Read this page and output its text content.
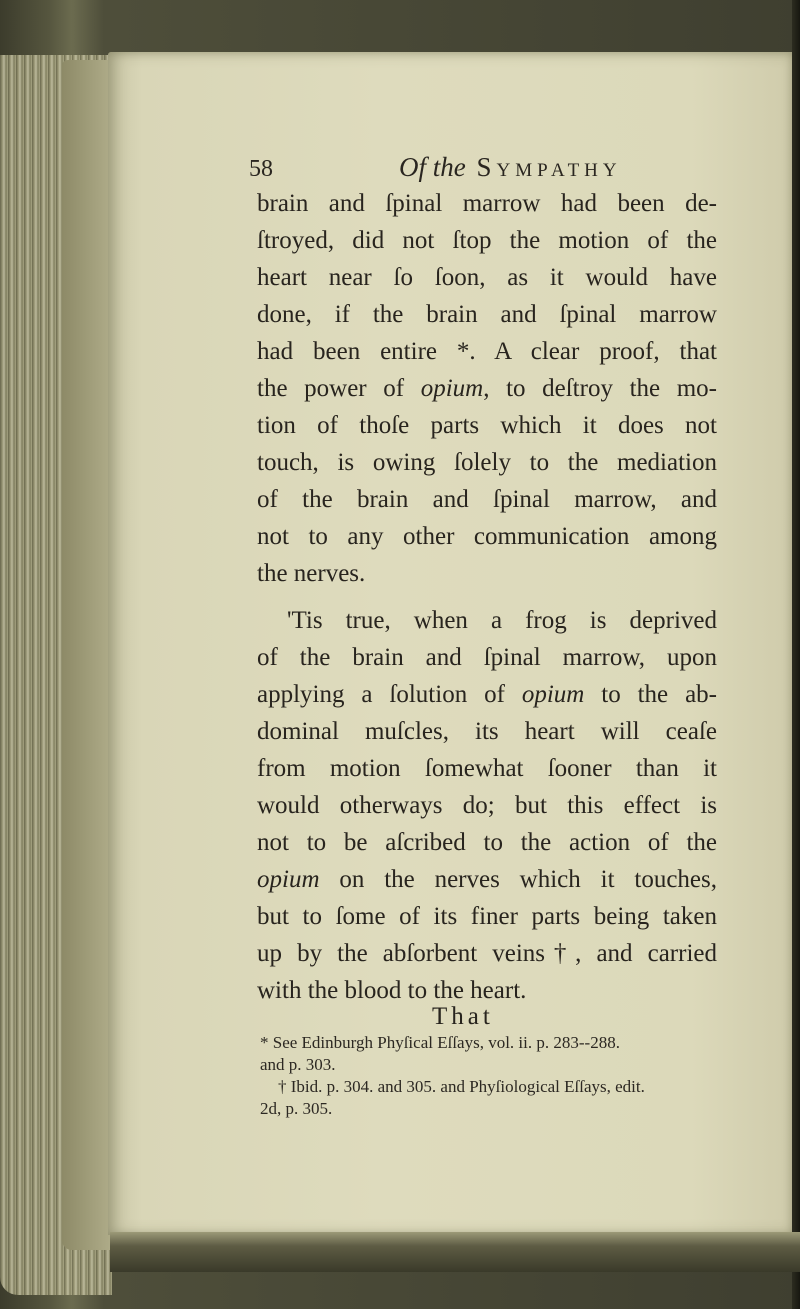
58	Of the Sympathy
brain and ſpinal marrow had been de-
ſtroyed, did not ſtop the motion of the
heart near ſo ſoon, as it would have
done, if the brain and ſpinal marrow
had been entire *. A clear proof, that
the power of opium, to deſtroy the mo-
tion of thoſe parts which it does not
touch, is owing ſolely to the mediation
of the brain and ſpinal marrow, and
not to any other communication among
the nerves.
'Tis true, when a frog is deprived
of the brain and ſpinal marrow, upon
applying a ſolution of opium to the ab-
dominal muſcles, its heart will ceaſe
from motion ſomewhat ſooner than it
would otherways do; but this effect is
not to be aſcribed to the action of the
opium on the nerves which it touches,
but to ſome of its finer parts being taken
up by the abſorbent veins†, and carried
with the blood to the heart.
That
* See Edinburgh Phyſical Eſſays, vol. ii. p. 283--288.
and p. 303.
† Ibid. p. 304. and 305. and Phyſiological Eſſays, edit.
2d, p. 305.
